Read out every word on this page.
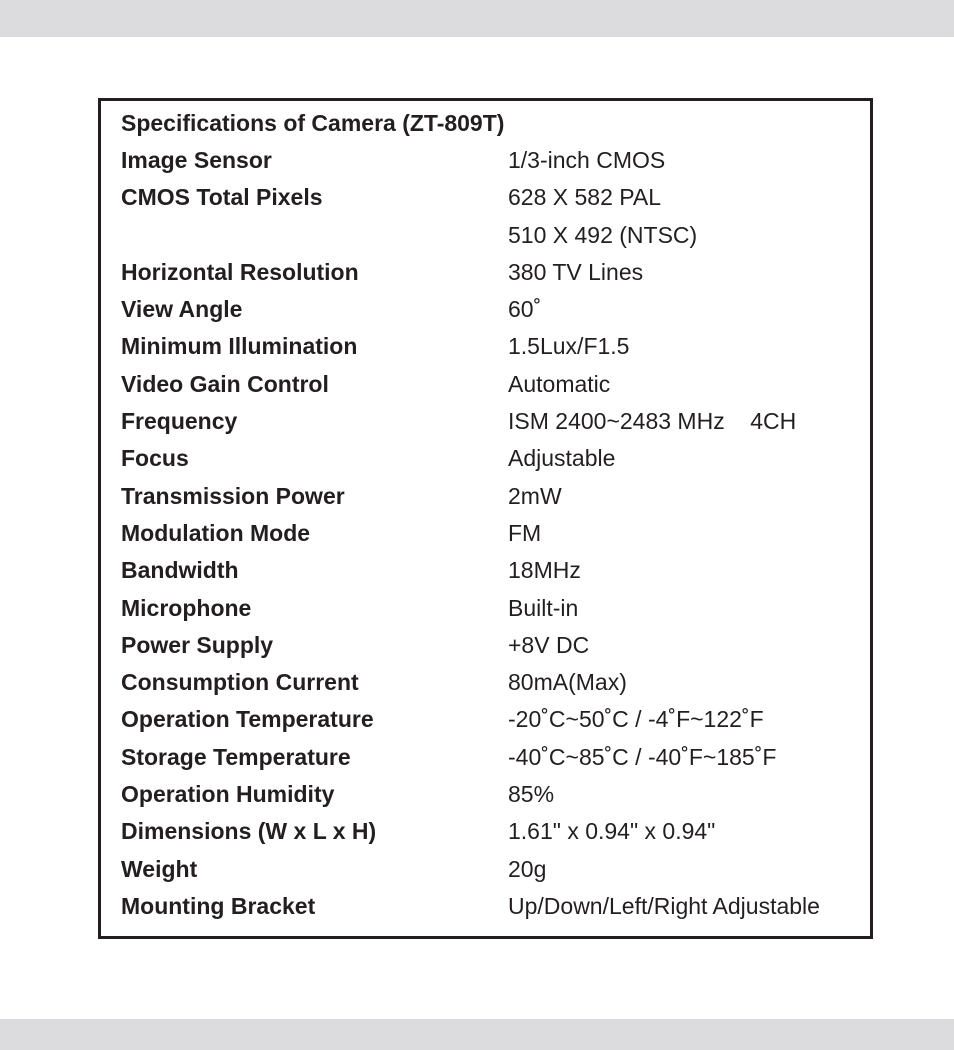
Specifications of Camera (ZT-809T)
Image Sensor	1/3-inch CMOS
CMOS Total Pixels	628 X 582 PAL
510 X 492 (NTSC)
Horizontal Resolution	380 TV Lines
View Angle	60˚
Minimum Illumination	1.5Lux/F1.5
Video Gain Control	Automatic
Frequency	ISM 2400~2483 MHz    4CH
Focus	Adjustable
Transmission Power	2mW
Modulation Mode	FM
Bandwidth	18MHz
Microphone	Built-in
Power Supply	+8V DC
Consumption Current	80mA(Max)
Operation Temperature	-20˚C~50˚C / -4˚F~122˚F
Storage Temperature	-40˚C~85˚C / -40˚F~185˚F
Operation Humidity	85%
Dimensions (W x L x H)	1.61" x 0.94" x 0.94"
Weight	20g
Mounting Bracket	Up/Down/Left/Right Adjustable
